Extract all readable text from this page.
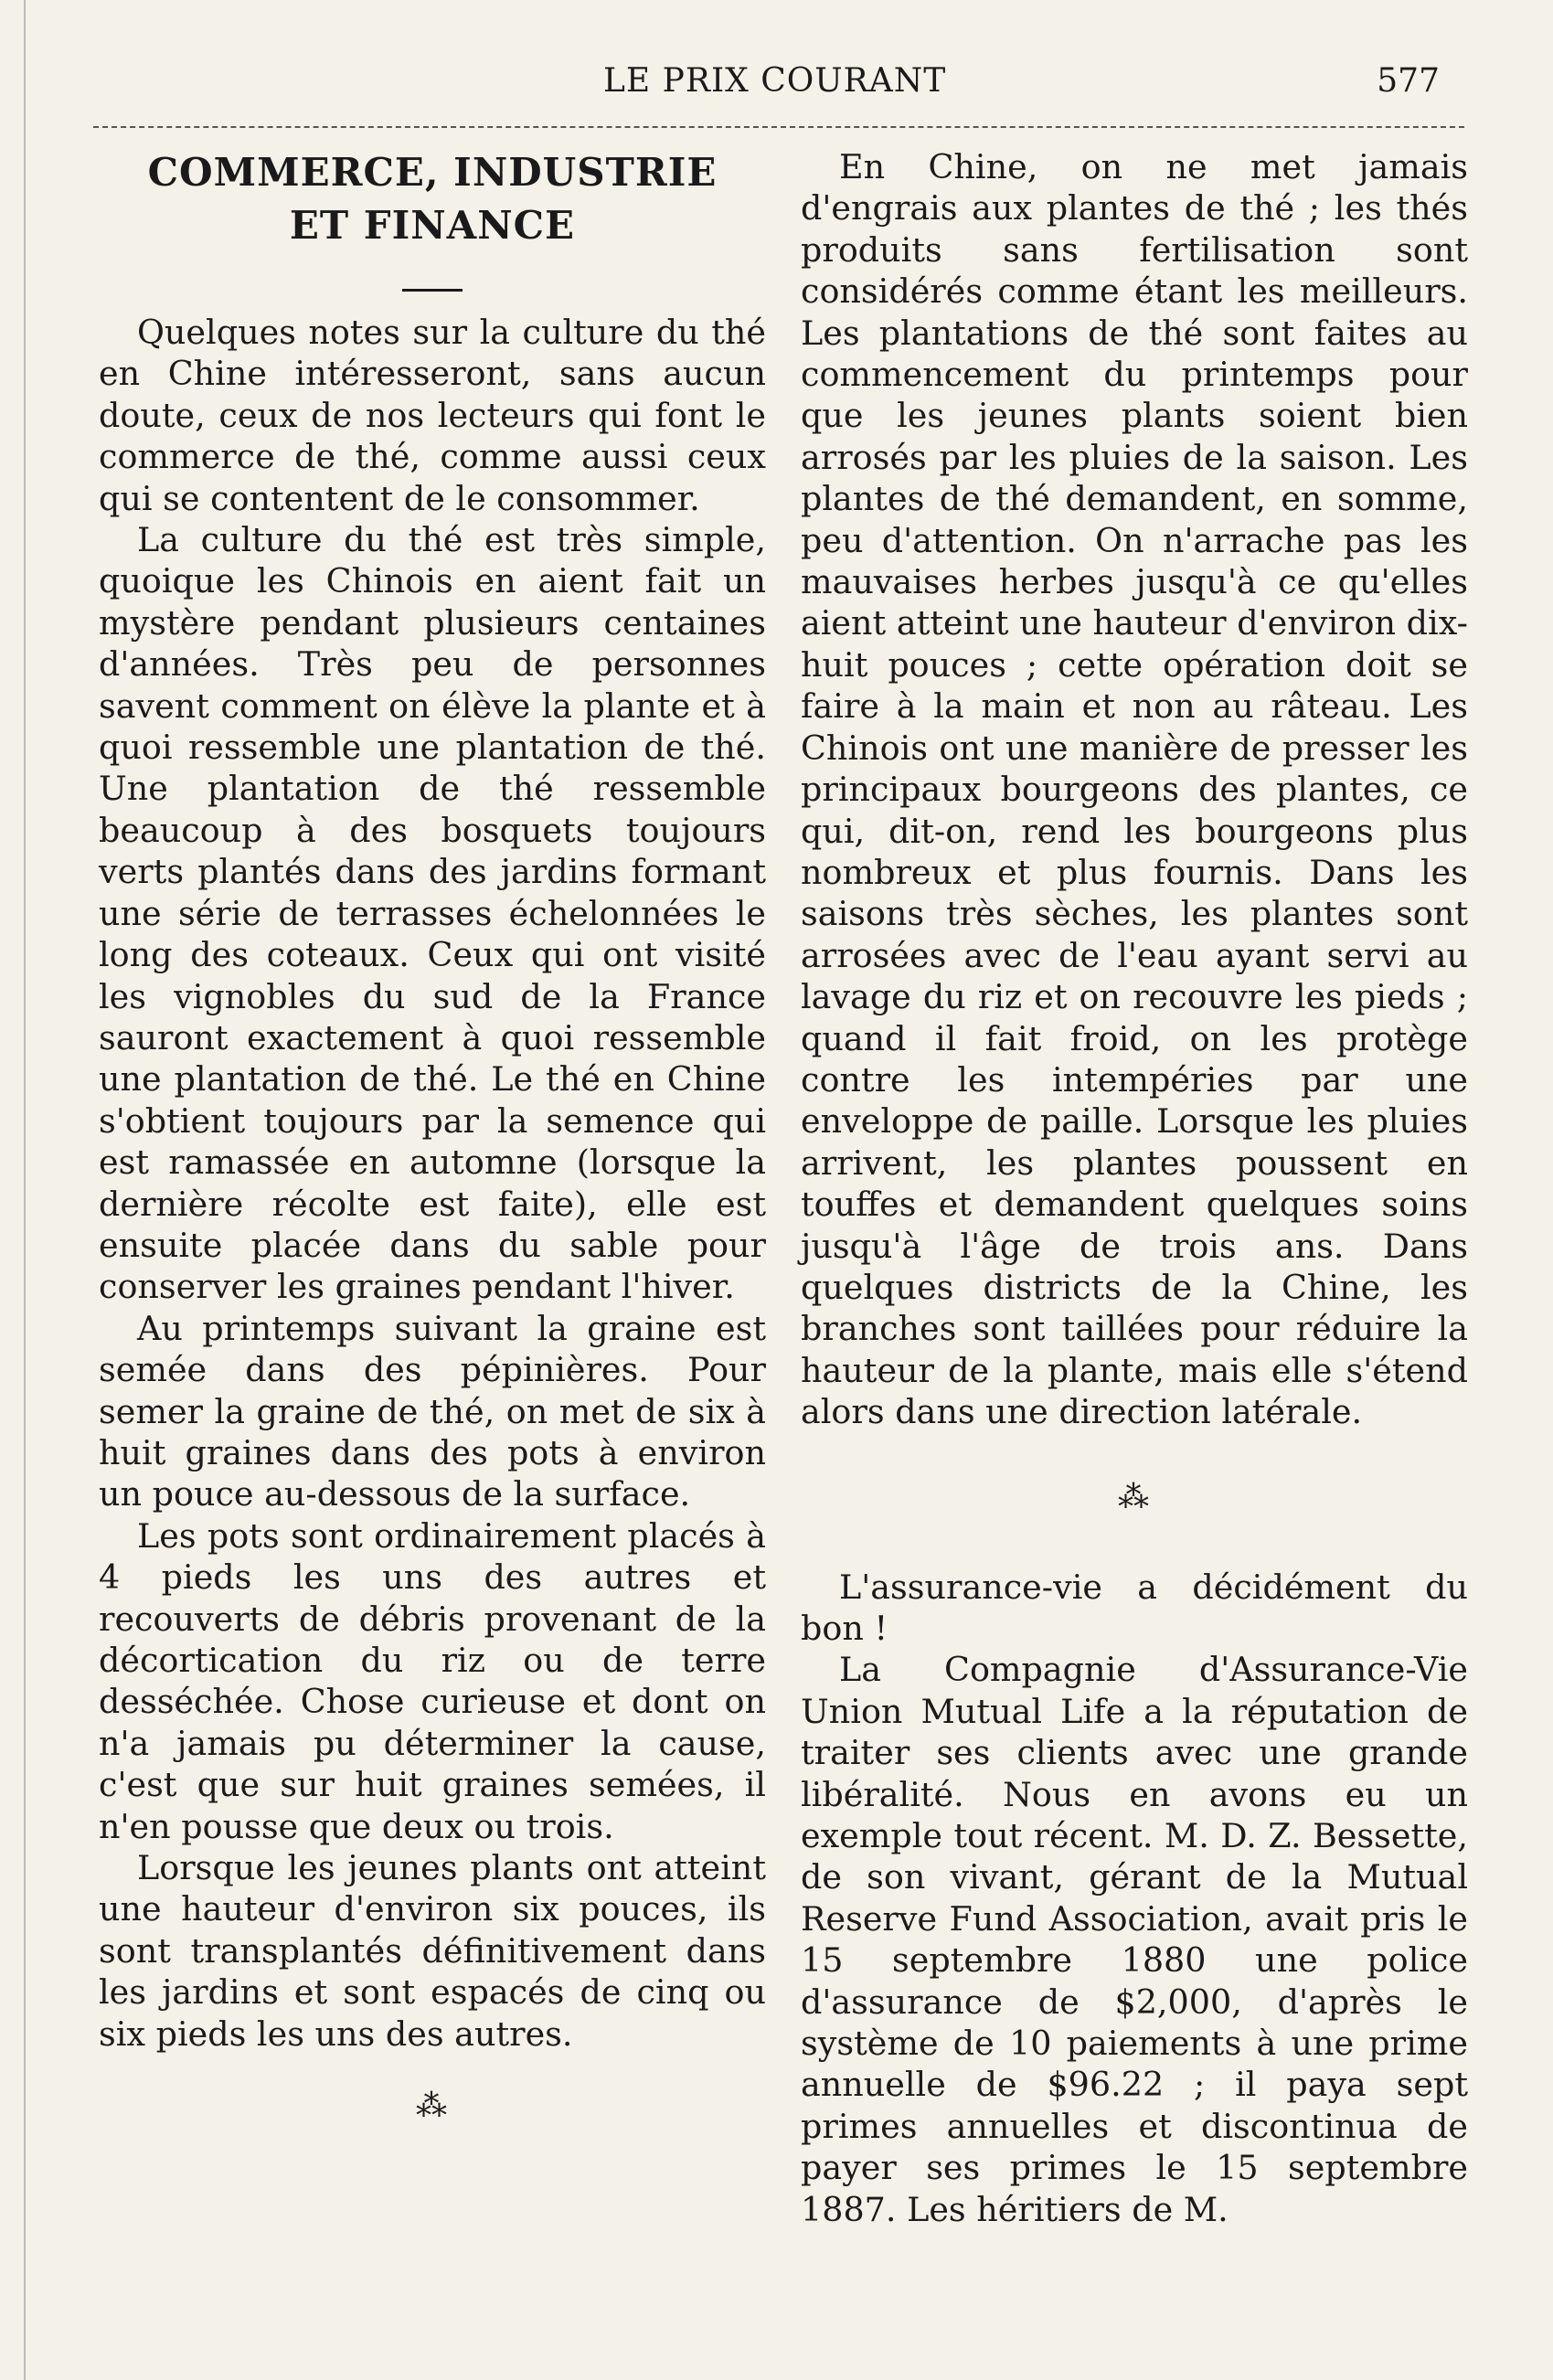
LE PRIX COURANT	577

COMMERCE, INDUSTRIE

ET FINANCE

Quelques notes sur la culture du thé en Chine intéresseront, sans aucun doute, ceux de nos lecteurs qui font le commerce de thé, comme aussi ceux qui se contentent de le consommer.

La culture du thé est très simple, quoique les Chinois en aient fait un mystère pendant plusieurs centaines d'années. Très peu de personnes savent comment on élève la plante et à quoi ressemble une plantation de thé. Une plantation de thé ressemble beaucoup à des bosquets toujours verts plantés dans des jardins formant une série de terrasses échelonnées le long des coteaux. Ceux qui ont visité les vignobles du sud de la France sauront exactement à quoi ressemble une plantation de thé. Le thé en Chine s'obtient toujours par la semence qui est ramassée en automne (lorsque la dernière récolte est faite), elle est ensuite placée dans du sable pour conserver les graines pendant l'hiver.

Au printemps suivant la graine est semée dans des pépinières. Pour semer la graine de thé, on met de six à huit graines dans des pots à environ un pouce au-dessous de la surface.

Les pots sont ordinairement placés à 4 pieds les uns des autres et recouverts de débris provenant de la décortication du riz ou de terre desséchée. Chose curieuse et dont on n'a jamais pu déterminer la cause, c'est que sur huit graines semées, il n'en pousse que deux ou trois.

Lorsque les jeunes plants ont atteint une hauteur d'environ six pouces, ils sont transplantés définitivement dans les jardins et sont espacés de cinq ou six pieds les uns des autres.

⁂

En Chine, on ne met jamais d'engrais aux plantes de thé ; les thés produits sans fertilisation sont considérés comme étant les meilleurs. Les plantations de thé sont faites au commencement du printemps pour que les jeunes plants soient bien arrosés par les pluies de la saison. Les plantes de thé demandent, en somme, peu d'attention. On n'arrache pas les mauvaises herbes jusqu'à ce qu'elles aient atteint une hauteur d'environ dix-huit pouces ; cette opération doit se faire à la main et non au râteau. Les Chinois ont une manière de presser les principaux bourgeons des plantes, ce qui, dit-on, rend les bourgeons plus nombreux et plus fournis. Dans les saisons très sèches, les plantes sont arrosées avec de l'eau ayant servi au lavage du riz et on recouvre les pieds ; quand il fait froid, on les protège contre les intempéries par une enveloppe de paille. Lorsque les pluies arrivent, les plantes poussent en touffes et demandent quelques soins jusqu'à l'âge de trois ans. Dans quelques districts de la Chine, les branches sont taillées pour réduire la hauteur de la plante, mais elle s'étend alors dans une direction latérale.

⁂

L'assurance-vie a décidément du bon !

La Compagnie d'Assurance-Vie Union Mutual Life a la réputation de traiter ses clients avec une grande libéralité. Nous en avons eu un exemple tout récent. M. D. Z. Bessette, de son vivant, gérant de la Mutual Reserve Fund Association, avait pris le 15 septembre 1880 une police d'assurance de $2,000, d'après le système de 10 paiements à une prime annuelle de $96.22 ; il paya sept primes annuelles et discontinua de payer ses primes le 15 septembre 1887. Les héritiers de M.
